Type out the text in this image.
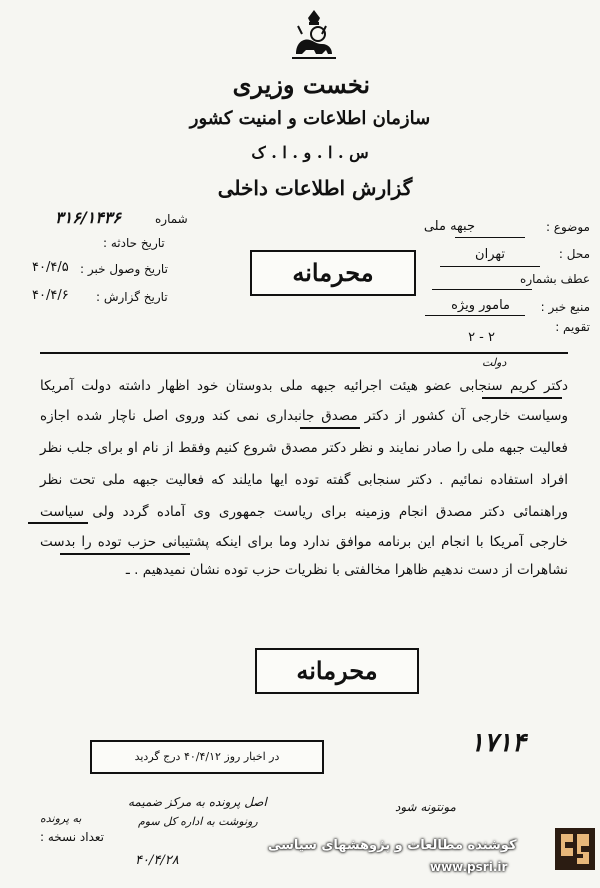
نخست وزیری
سازمان اطلاعات و امنیت کشور
س . ا . و . ا . ک
گزارش اطلاعات داخلی
موضوع :
جبهه ملی
محل :
تهران
عطف بشماره
منبع خبر :
مامور ویژه
تقویم :
۲ - ۲
شماره
۳۱۶/۱۴۳۶
تاریخ حادثه :
تاریخ وصول خبر :
۴۰/۴/۵
تاریخ گزارش :
۴۰/۴/۶
محرمانه
دولت
دکتر کریم سنجابی عضو هیئت اجرائیه جبهه ملی بدوستان خود اظهار داشته دولت آمریکا
وسیاست خارجی آن کشور از دکتر مصدق جانبداری نمی کند وروی اصل ناچار شده اجازه
فعالیت جبهه ملی را صادر نمایند و نظر دکتر مصدق شروع کنیم وفقط از نام او برای جلب نظر
افراد استفاده نمائیم . دکتر سنجابی گفته توده ایها مایلند که فعالیت جبهه ملی تحت نظر
وراهنمائی دکتر مصدق انجام وزمینه برای ریاست جمهوری وی آماده گردد ولی سیاست
خارجی آمریکا با انجام این برنامه موافق ندارد وما برای اینکه پشتیبانی حزب توده را بدست
نشاهرات از دست ندهیم ظاهرا مخالفتی با نظریات حزب توده نشان نمیدهیم . ـ
محرمانه
در اخبار روز ۴۰/۴/۱۲ درج گردید	۱۷۱۴
اصل پرونده به مرکز ضمیمه
رونوشت به اداره کل سوم
مونتونه شود
تعداد نسخه :
به پرونده
۴۰/۴/۲۸
کوشنده مطالعات و پژوهشهای سیاسی
www.psri.ir
